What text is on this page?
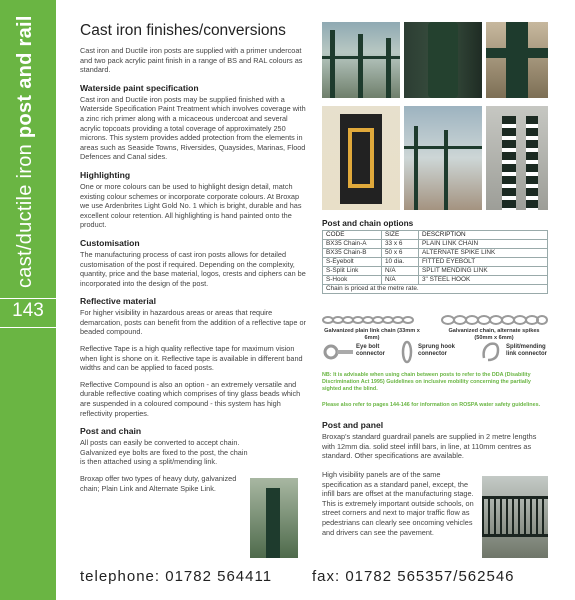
cast/ductile iron post and rail
143
Cast iron finishes/conversions

Cast iron and Ductile iron posts are supplied with a primer undercoat and two pack acrylic paint finish in a range of BS and RAL colours as standard.

Waterside paint specification

Cast iron and Ductile iron posts may be supplied finished with a Waterside Specification Paint Treatment which involves coverage with a zinc rich primer along with a micaceous undercoat and several acrylic topcoats providing a total coverage of approximately 250 microns. This system provides added protection from the elements in areas such as Seaside Towns, Riversides, Quaysides, Marinas, Flood Defences and Canal sides.

Highlighting

One or more colours can be used to highlight design detail, match existing colour schemes or incorporate corporate colours. At Broxap we use Ardenbrites Light Gold No. 1 which is bright, durable and has excellent colour retention. All highlighting is hand painted onto the product.

Customisation

The manufacturing process of cast iron posts allows for detailed customisation of the post if required. Depending on the complexity, quantity, price and the base material, logos, crests and ciphers can be incorporated into the design of the post.

Reflective material

For higher visibility in hazardous areas or areas that require demarcation, posts can benefit from the addition of a reflective tape or beaded compound.

Reflective Tape is a high quality reflective tape for maximum vision when light is shone on it. Reflective tape is available in different band widths and can be applied to faced posts.

Reflective Compound is also an option - an extremely versatile and durable reflective coating which comprises of tiny glass beads which are suspended in a coloured compound - this system has high reflectivity properties.

Post and chain

All posts can easily be converted to accept chain. Galvanized eye bolts are fixed to the post, the chain is then attached using a split/mending link.

Broxap offer two types of heavy duty, galvanized chain; Plain Link and Alternate Spike Link.

Post and chain options
CODE	SIZE	DESCRIPTION
BX35 Chain-A	33 x 6	PLAIN LINK CHAIN
BX35 Chain-B	50 x 6	ALTERNATE SPIKE LINK
S-Eyebolt	10 dia.	FITTED EYEBOLT
S-Split Link	N/A	SPLIT MENDING LINK
S-Hook	N/A	3" STEEL HOOK
Chain is priced at the metre rate.		
Galvanized plain link chain (33mm x 6mm)
Galvanized chain, alternate spikes (50mm x 6mm)
Eye bolt connector
Sprung hook connector
Split/mending link connector
NB: It is advisable when using chain between posts to refer to the DDA (Disability Discrimination Act 1995) Guidelines on inclusive mobility concerning the partially sighted and the blind.
Please also refer to pages 144-146 for information on ROSPA water safety guidelines.
Post and panel
Broxap's standard guardrail panels are supplied in 2 metre lengths with 12mm dia. solid steel infill bars, in line, at 110mm centres as standard. Other specifications are available.
High visibility panels are of the same specification as a standard panel, except, the infill bars are offset at the manufacturing stage. This is extremely important outside schools, on street corners and next to major traffic flow as pedestrians can clearly see oncoming vehicles and drivers can see the pavement.
telephone: 01782 564411	fax: 01782 565357/562546
